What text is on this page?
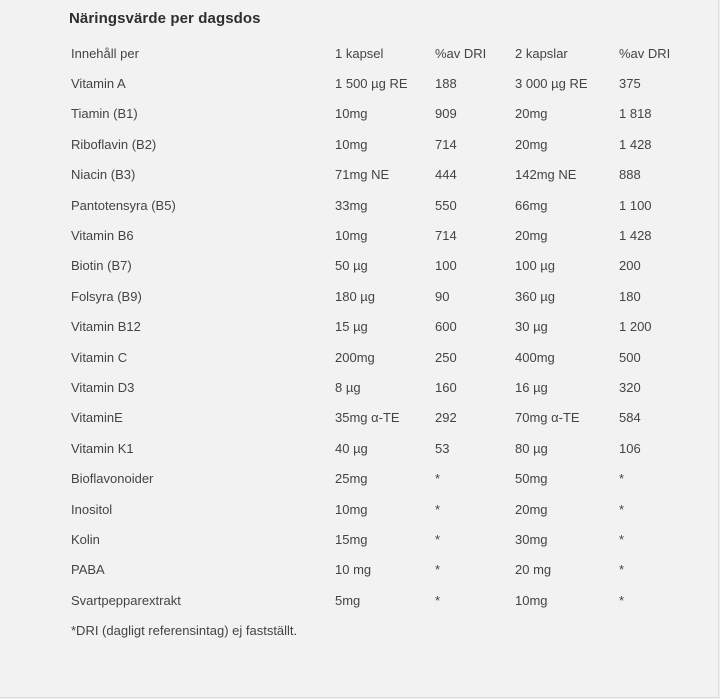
Näringsvärde per dagsdos
Innehåll per	1 kapsel	%av DRI	2 kapslar	%av DRI
Vitamin A	1 500 µg RE	188	3 000 µg RE	375
Tiamin (B1)	10mg	909	20mg	1 818
Riboflavin (B2)	10mg	714	20mg	1 428
Niacin (B3)	71mg NE	444	142mg NE	888
Pantotensyra (B5)	33mg	550	66mg	1 100
Vitamin B6	10mg	714	20mg	1 428
Biotin (B7)	50 µg	100	100 µg	200
Folsyra (B9)	180 µg	90	360 µg	180
Vitamin B12	15 µg	600	30 µg	1 200
Vitamin C	200mg	250	400mg	500
Vitamin D3	8 µg	160	16 µg	320
VitaminE	35mg α-TE	292	70mg α-TE	584
Vitamin K1	40 µg	53	80 µg	106
Bioflavonoider	25mg	*	50mg	*
Inositol	10mg	*	20mg	*
Kolin	15mg	*	30mg	*
PABA	10 mg	*	20 mg	*
Svartpepparextrakt	5mg	*	10mg	*
*DRI (dagligt referensintag) ej fastställt.
